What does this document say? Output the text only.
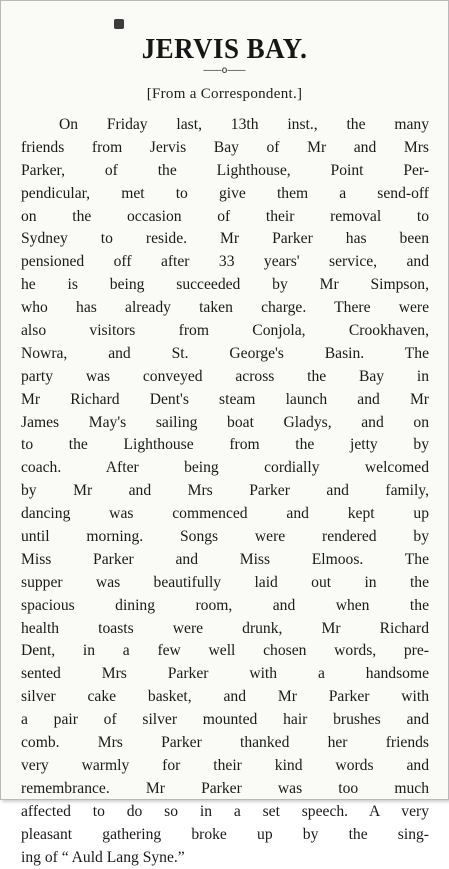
JERVIS BAY.
———o———
[From a Correspondent.]
On Friday last, 13th inst., the many
friends from Jervis Bay of Mr and Mrs
Parker, of the Lighthouse, Point Per-
pendicular, met to give them a send-off
on the occasion of their removal to
Sydney to reside. Mr Parker has been
pensioned off after 33 years' service, and
he is being succeeded by Mr Simpson,
who has already taken charge. There were
also visitors from Conjola, Crookhaven,
Nowra, and St. George's Basin. The
party was conveyed across the Bay in
Mr Richard Dent's steam launch and Mr
James May's sailing boat Gladys, and on
to the Lighthouse from the jetty by
coach. After being cordially welcomed
by Mr and Mrs Parker and family,
dancing was commenced and kept up
until morning. Songs were rendered by
Miss Parker and Miss Elmoos. The
supper was beautifully laid out in the
spacious dining room, and when the
health toasts were drunk, Mr Richard
Dent, in a few well chosen words, pre-
sented Mrs Parker with a handsome
silver cake basket, and Mr Parker with
a pair of silver mounted hair brushes and
comb. Mrs Parker thanked her friends
very warmly for their kind words and
remembrance. Mr Parker was too much
affected to do so in a set speech. A very
pleasant gathering broke up by the sing-
ing of “ Auld Lang Syne.”
